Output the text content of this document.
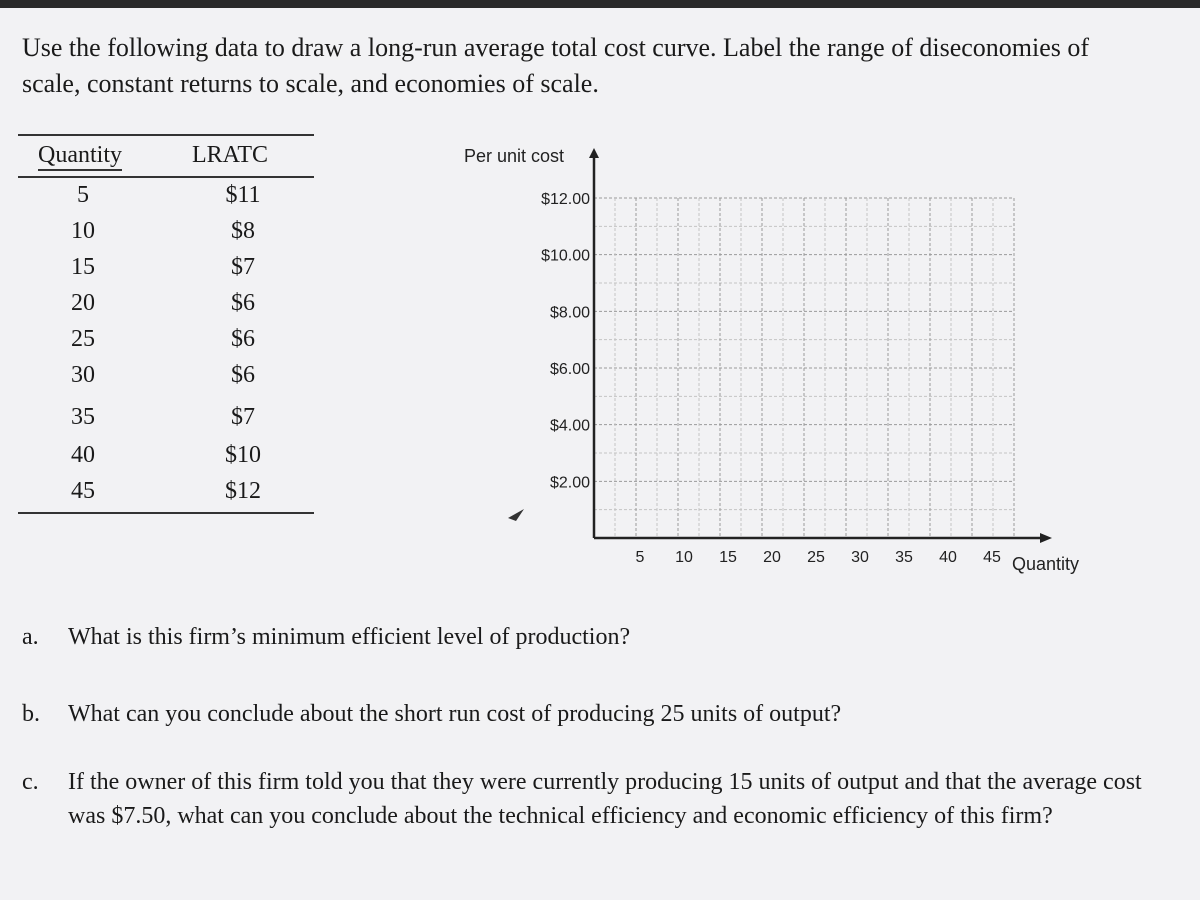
Use the following data to draw a long-run average total cost curve. Label the range of diseconomies of scale, constant returns to scale, and economies of scale.
Quantity	LRATC
5	$11
10	$8
15	$7
20	$6
25	$6
30	$6
35	$7
40	$10
45	$12
Per unit cost
$12.00
$10.00
$8.00
$6.00
$4.00
$2.00
5 10 15 20 25 30 35 40 45 Quantity
a. What is this firm’s minimum efficient level of production?
b. What can you conclude about the short run cost of producing 25 units of output?
c. If the owner of this firm told you that they were currently producing 15 units of output and that the average cost was $7.50, what can you conclude about the technical efficiency and economic efficiency of this firm?
